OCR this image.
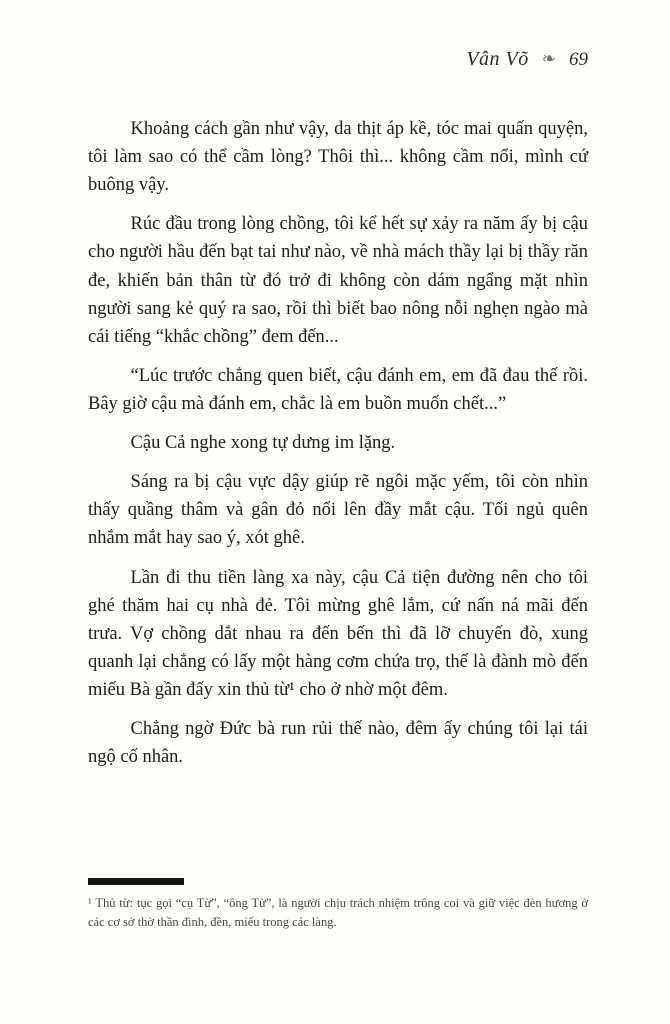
Vân Võ ❧ 69

Khoảng cách gần như vậy, da thịt áp kề, tóc mai quấn quyện, tôi làm sao có thể cầm lòng? Thôi thì... không cầm nổi, mình cứ buông vậy.

Rúc đầu trong lòng chồng, tôi kể hết sự xảy ra năm ấy bị cậu cho người hầu đến bạt tai như nào, về nhà mách thầy lại bị thầy răn đe, khiến bản thân từ đó trở đi không còn dám ngẩng mặt nhìn người sang kẻ quý ra sao, rồi thì biết bao nông nỗi nghẹn ngào mà cái tiếng “khắc chồng” đem đến...

“Lúc trước chẳng quen biết, cậu đánh em, em đã đau thế rồi. Bây giờ cậu mà đánh em, chắc là em buồn muốn chết...”

Cậu Cả nghe xong tự dưng im lặng.

Sáng ra bị cậu vực dậy giúp rẽ ngôi mặc yếm, tôi còn nhìn thấy quầng thâm và gân đỏ nổi lên đầy mắt cậu. Tối ngủ quên nhắm mắt hay sao ý, xót ghê.

Lần đi thu tiền làng xa này, cậu Cả tiện đường nên cho tôi ghé thăm hai cụ nhà đẻ. Tôi mừng ghê lắm, cứ nấn ná mãi đến trưa. Vợ chồng dắt nhau ra đến bến thì đã lỡ chuyến đò, xung quanh lại chẳng có lấy một hàng cơm chứa trọ, thế là đành mò đến miếu Bà gần đấy xin thủ từ¹ cho ở nhờ một đêm.

Chẳng ngờ Đức bà run rủi thế nào, đêm ấy chúng tôi lại tái ngộ cố nhân.

¹ Thủ từ: tục gọi “cụ Từ”, “ông Từ”, là người chịu trách nhiệm trông coi và giữ việc đèn hương ở các cơ sở thờ thần đình, đền, miếu trong các làng.
